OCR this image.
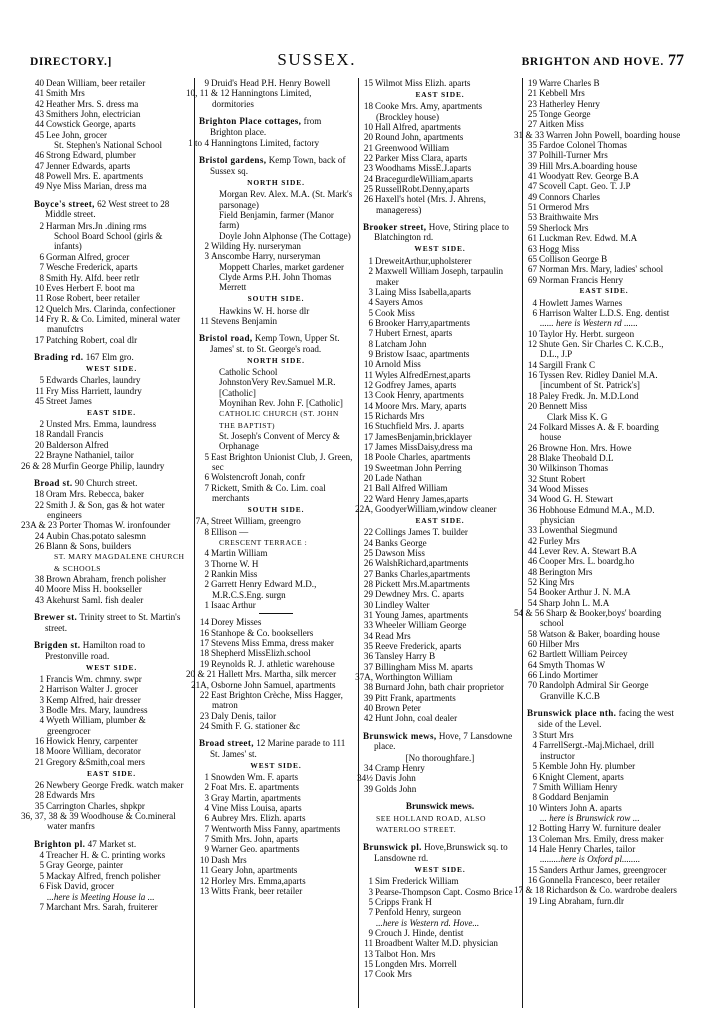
DIRECTORY.]	SUSSEX.	BRIGHTON AND HOVE. 77
40 Dean William, beer retailer
41 Smith Mrs
42 Heather Mrs. S. dress ma
43 Smithers John, electrician
44 Cowstick George, aparts
45 Lee John, grocer
St. Stephen's National School
46 Strong Edward, plumber
47 Jenner Edwards, aparts
48 Powell Mrs. E. apartments
49 Nye Miss Marian, dress ma
Boyce's street, 62 West street to 28 Middle street.
2 Harman Mrs.Jn .dining rms
School Board School (girls & infants)
6 Gorman Alfred, grocer
7 Wesche Frederick, aparts
8 Smith Hy. Alfd. beer retlr
10 Eves Herbert F. boot ma
11 Rose Robert, beer retailer
12 Quelch Mrs. Clarinda, confectioner
14 Fry R. & Co. Limited, mineral water manufctrs
17 Patching Robert, coal dlr
Brading rd. 167 Elm gro.
WEST SIDE.
5 Edwards Charles, laundry
11 Fry Miss Harriett, laundry
45 Street James
EAST SIDE.
2 Unsted Mrs. Emma, laundress
18 Randall Francis
20 Balderson Alfred
22 Brayne Nathaniel, tailor
26 & 28 Murfin George Philip, laundry
Broad st. 90 Church street.
18 Oram Mrs. Rebecca, baker
22 Smith J. & Son, gas & hot water engineers
23A & 23 Porter Thomas W. ironfounder
24 Aubin Chas.potato salesmn
26 Blann & Sons, builders
ST. MARY MAGDALENE CHURCH & SCHOOLS
38 Brown Abraham, french polisher
40 Moore Miss H. bookseller
43 Akehurst Saml. fish dealer
Brewer st. Trinity street to St. Martin's street.
Brigden st. Hamilton road to Prestonville road.
WEST SIDE.
1 Francis Wm. chmny. swpr
2 Harrison Walter J. grocer
3 Kemp Alfred, hair dresser
3 Bodle Mrs. Mary, laundress
4 Wyeth William, plumber & greengrocer
16 Howick Henry, carpenter
18 Moore William, decorator
21 Gregory &Smith,coal mers
EAST SIDE.
26 Newbery George Fredk. watch maker
28 Edwards Mrs
35 Carrington Charles, shpkpr
36, 37, 38 & 39 Woodhouse & Co.mineral water manfrs
Brighton pl. 47 Market st.
4 Treacher H. & C. printing works
5 Gray George, painter
5 Mackay Alfred, french polisher
6 Fisk David, grocer
...here is Meeting House la ...
7 Marchant Mrs. Sarah, fruiterer
9 Druid's Head P.H. Henry Bowell
10, 11 & 12 Hanningtons Limited, dormitories
Brighton Place cottages, from Brighton place.
1 to 4 Hanningtons Limited, factory
Bristol gardens, Kemp Town, back of Sussex sq.
NORTH SIDE.
Morgan Rev. Alex. M.A. (St. Mark's parsonage)
Field Benjamin, farmer (Manor farm)
Doyle John Alphonse (The Cottage)
2 Wilding Hy. nurseryman
3 Anscombe Harry, nurseryman
Moppett Charles, market gardener
Clyde Arms P.H. John Thomas Merrett
SOUTH SIDE.
Hawkins W. H. horse dlr
11 Stevens Benjamin
Bristol road, Kemp Town, Upper St. James' st. to St. George's road.
NORTH SIDE.
Catholic School
JohnstonVery Rev.Samuel M.R. [Catholic]
Moynihan Rev. John F. [Catholic]
CATHOLIC CHURCH (ST. JOHN THE BAPTIST)
St. Joseph's Convent of Mercy & Orphanage
5 East Brighton Unionist Club, J. Green, sec
6 Wolstencroft Jonah, confr
7 Rickett, Smith & Co. Lim. coal merchants
SOUTH SIDE.
7A, Street William, greengro
8 Ellison —
CRESCENT TERRACE :
4 Martin William
3 Thorne W. H
2 Rankin Miss
2 Garrett Henry Edward M.D., M.R.C.S.Eng. surgn
1 Isaac Arthur
14 Dorey Misses
16 Stanhope & Co. booksellers
17 Stevens Miss Emma, dress maker
18 Shepherd MissElizh.school
19 Reynolds R. J. athletic warehouse
20 & 21 Hallett Mrs. Martha, silk mercer
21A, Osborne John Samuel, apartments
22 East Brighton Crèche, Miss Hagger, matron
23 Daly Denis, tailor
24 Smith F. G. stationer &c
Broad street, 12 Marine parade to 111 St. James' st.
WEST SIDE.
1 Snowden Wm. F. aparts
2 Foat Mrs. E. apartments
3 Gray Martin, apartments
4 Vine Miss Louisa, aparts
6 Aubrey Mrs. Elizh. aparts
7 Wentworth Miss Fanny, apartments
7 Smith Mrs. John, aparts
9 Warner Geo. apartments
10 Dash Mrs
11 Geary John, apartments
12 Horley Mrs. Emma,aparts
13 Witts Frank, beer retailer
15 Wilmot Miss Elizh. aparts
EAST SIDE.
18 Cooke Mrs. Amy, apartments (Brockley house)
10 Hall Alfred, apartments
20 Round John, apartments
21 Greenwood William
22 Parker Miss Clara, aparts
23 Woodhams MissE.J.aparts
24 BracegurdleWilliam,aparts
25 RussellRobt.Denny,aparts
26 Haxell's hotel (Mrs. J. Ahrens, manageress)
Brooker street, Hove, Stiring place to Blatchington rd.
WEST SIDE.
1 DreweitArthur,upholsterer
2 Maxwell William Joseph, tarpaulin maker
3 Laing Miss Isabella,aparts
4 Sayers Amos
5 Cook Miss
6 Brooker Harry,apartments
7 Hubert Ernest, aparts
8 Latcham John
9 Bristow Isaac, apartments
10 Arnold Miss
11 Wyles AlfredErnest,aparts
12 Godfrey James, aparts
13 Cook Henry, apartments
14 Moore Mrs. Mary, aparts
15 Richards Mrs
16 Stuchfield Mrs. J. aparts
17 JamesBenjamin,bricklayer
17 James MissDaisy,dress ma
18 Poole Charles, apartments
19 Sweetman John Perring
20 Lade Nathan
21 Ball Alfred William
22 Ward Henry James,aparts
22A, GoodyerWilliam,window cleaner
EAST SIDE.
22 Collings James T. builder
24 Banks George
25 Dawson Miss
26 WalshRichard,apartments
27 Banks Charles,apartments
28 Pickett Mrs.M.apartments
29 Dewdney Mrs. C. aparts
30 Lindley Walter
31 Young James, apartments
33 Wheeler William George
34 Read Mrs
35 Reeve Frederick, aparts
36 Tansley Harry B
37 Billingham Miss M. aparts
37A, Worthington William
38 Burnard John, bath chair proprietor
39 Pitt Frank, apartments
40 Brown Peter
42 Hunt John, coal dealer
Brunswick mews, Hove, 7 Lansdowne place.
[No thoroughfare.]
34 Cramp Henry
34½ Davis John
39 Golds John
Brunswick mews.
SEE HOLLAND ROAD, ALSO WATERLOO STREET.
Brunswick pl. Hove,Brunswick sq. to Lansdowne rd.
WEST SIDE.
1 Sim Frederick William
3 Pearse-Thompson Capt. Cosmo Brice
5 Cripps Frank H
7 Penfold Henry, surgeon
...here is Western rd. Hove...
9 Crouch J. Hinde, dentist
11 Broadbent Walter M.D. physician
13 Talbot Hon. Mrs
15 Longden Mrs. Morrell
17 Cook Mrs
19 Warre Charles B
21 Kebbell Mrs
23 Hatherley Henry
25 Tonge George
27 Aitken Miss
31 & 33 Warren John Powell, boarding house
35 Fardoe Colonel Thomas
37 Polhill-Turner Mrs
39 Hill Mrs.A.boarding house
41 Woodyatt Rev. George B.A
47 Scovell Capt. Geo. T. J.P
49 Connors Charles
51 Ormerod Mrs
53 Braithwaite Mrs
59 Sherlock Mrs
61 Luckman Rev. Edwd. M.A
63 Hogg Miss
65 Collison George B
67 Norman Mrs. Mary, ladies' school
69 Norman Francis Henry
EAST SIDE.
4 Howlett James Warnes
6 Harrison Walter L.D.S. Eng. dentist
...... here is Western rd ......
10 Taylor Hy. Herbt. surgeon
12 Shute Gen. Sir Charles C. K.C.B., D.L., J.P
14 Sargill Frank C
16 Tyssen Rev. Ridley Daniel M.A. [incumbent of St. Patrick's]
18 Paley Fredk. Jn. M.D.Lond
20 Bennett Miss
Clark Miss K. G
24 Folkard Misses A. & F. boarding house
26 Browne Hon. Mrs. Howe
28 Blake Theobald D.L
30 Wilkinson Thomas
32 Stunt Robert
34 Wood Misses
34 Wood G. H. Stewart
36 Hobhouse Edmund M.A., M.D. physician
33 Lowenthal Siegmund
42 Furley Mrs
44 Lever Rev. A. Stewart B.A
46 Cooper Mrs. L. boardg.ho
48 Berington Mrs
52 King Mrs
54 Booker Arthur J. N. M.A
54 Sharp John L. M.A
54 & 56 Sharp & Booker,boys' boarding school
58 Watson & Baker, boarding house
60 Hilber Mrs
62 Bartlett William Peircey
64 Smyth Thomas W
66 Lindo Mortimer
70 Randolph Admiral Sir George Granville K.C.B
Brunswick place nth. facing the west side of the Level.
3 Sturt Mrs
4 FarrellSergt.-Maj.Michael, drill instructor
5 Kemble John Hy. plumber
6 Knight Clement, aparts
7 Smith William Henry
8 Goddard Benjamin
10 Winters John A. aparts
... here is Brunswick row ...
12 Botting Harry W. furniture dealer
13 Coleman Mrs. Emily, dress maker
14 Hale Henry Charles, tailor
.........here is Oxford pl........
15 Sanders Arthur James, greengrocer
16 Gonnella Francesco, beer retailer
17 & 18 Richardson & Co. wardrobe dealers
19 Ling Abraham, furn.dlr
